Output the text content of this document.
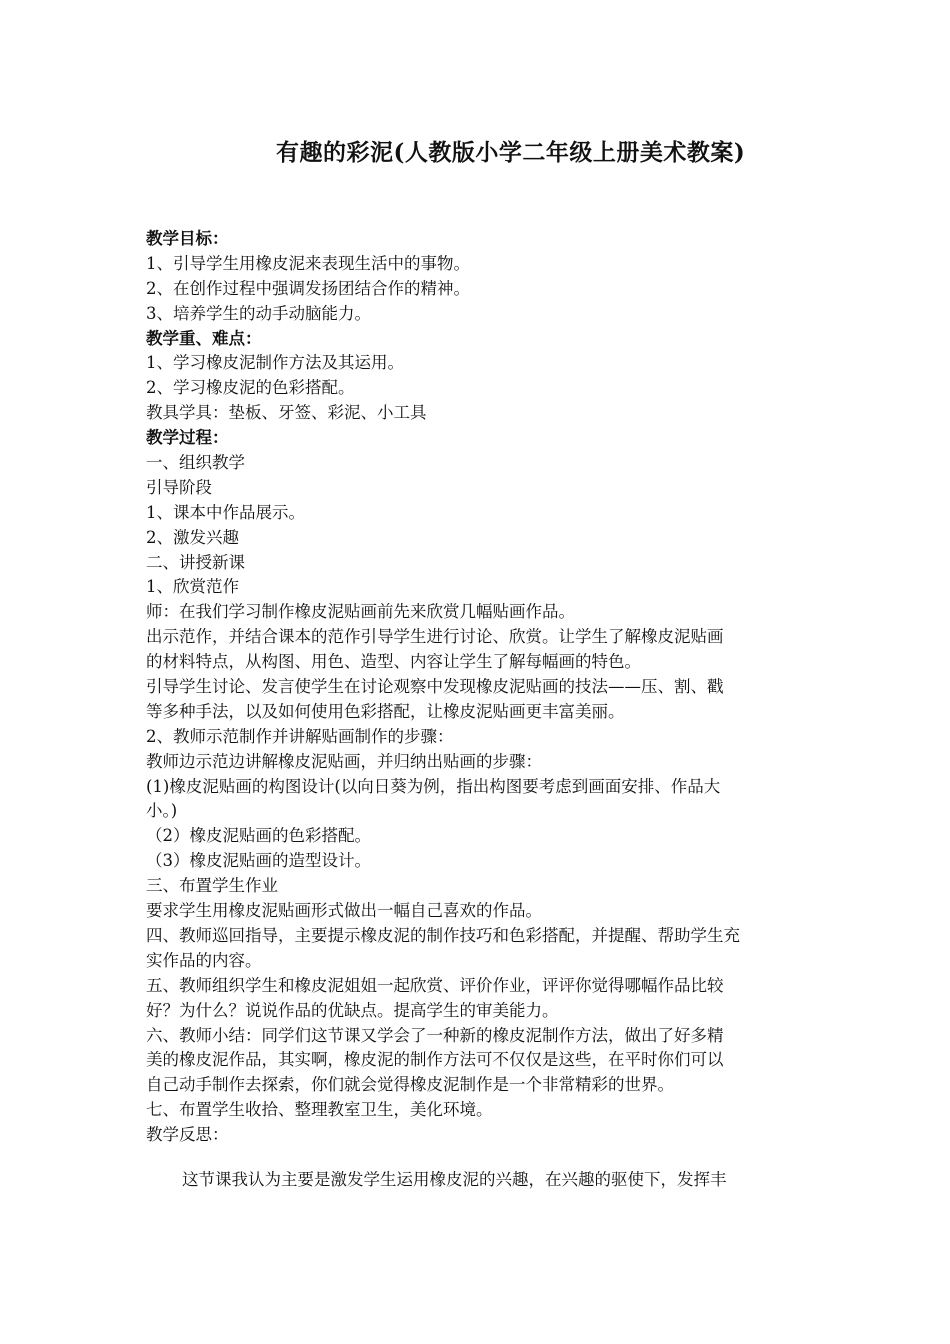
有趣的彩泥(人教版小学二年级上册美术教案)
教学目标：
1、引导学生用橡皮泥来表现生活中的事物。
2、在创作过程中强调发扬团结合作的精神。
3、培养学生的动手动脑能力。
教学重、难点：
1、学习橡皮泥制作方法及其运用。
2、学习橡皮泥的色彩搭配。
教具学具：垫板、牙签、彩泥、小工具
教学过程：
一、组织教学
引导阶段
1、课本中作品展示。
2、激发兴趣
二、讲授新课
1、欣赏范作
师：在我们学习制作橡皮泥贴画前先来欣赏几幅贴画作品。
出示范作，并结合课本的范作引导学生进行讨论、欣赏。让学生了解橡皮泥贴画
的材料特点，从构图、用色、造型、内容让学生了解每幅画的特色。
引导学生讨论、发言使学生在讨论观察中发现橡皮泥贴画的技法——压、割、戳
等多种手法，以及如何使用色彩搭配，让橡皮泥贴画更丰富美丽。
2、教师示范制作并讲解贴画制作的步骤：
教师边示范边讲解橡皮泥贴画，并归纳出贴画的步骤：
(1)橡皮泥贴画的构图设计(以向日葵为例，指出构图要考虑到画面安排、作品大
小。)
（2）橡皮泥贴画的色彩搭配。
（3）橡皮泥贴画的造型设计。
三、布置学生作业
要求学生用橡皮泥贴画形式做出一幅自己喜欢的作品。
四、教师巡回指导，主要提示橡皮泥的制作技巧和色彩搭配，并提醒、帮助学生充
实作品的内容。
五、教师组织学生和橡皮泥姐姐一起欣赏、评价作业，评评你觉得哪幅作品比较
好？为什么？说说作品的优缺点。提高学生的审美能力。
六、教师小结：同学们这节课又学会了一种新的橡皮泥制作方法，做出了好多精
美的橡皮泥作品，其实啊，橡皮泥的制作方法可不仅仅是这些，在平时你们可以
自己动手制作去探索，你们就会觉得橡皮泥制作是一个非常精彩的世界。
七、布置学生收拾、整理教室卫生，美化环境。
教学反思：
这节课我认为主要是激发学生运用橡皮泥的兴趣，在兴趣的驱使下，发挥丰
